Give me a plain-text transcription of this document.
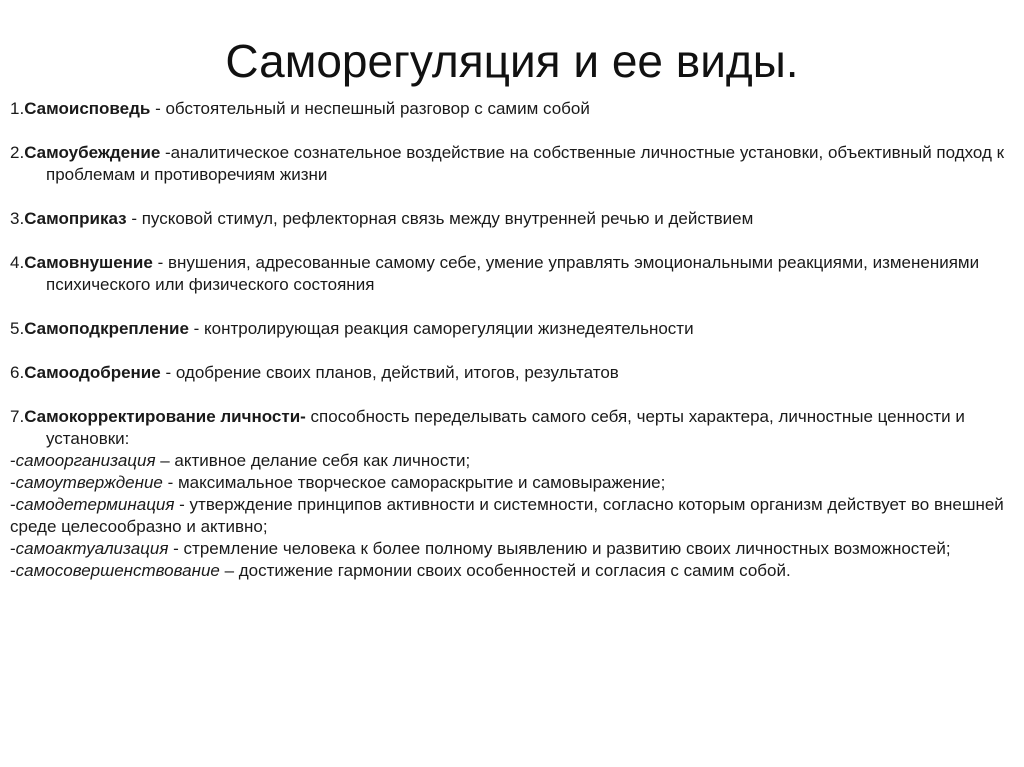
Саморегуляция и ее виды.

1.Самоисповедь - обстоятельный и неспешный разговор с самим собой

2.Самоубеждение -аналитическое сознательное воздействие на собственные личностные установки, объективный подход к проблемам и противоречиям жизни

3.Самоприказ - пусковой стимул, рефлекторная связь между внутренней речью и действием

4.Самовнушение - внушения, адресованные самому себе, умение управлять эмоциональными реакциями, изменениями психического или физического состояния

5.Самоподкрепление - контролирующая реакция саморегуляции жизнедеятельности

6.Самоодобрение - одобрение своих планов, действий, итогов, результатов

7.Самокорректирование личности- способность переделывать самого себя, черты характера, личностные ценности и установки:

-самоорганизация – активное делание себя как личности;

-самоутверждение - максимальное творческое самораскрытие и самовыражение;

-самодетерминация - утверждение принципов активности и системности, согласно которым организм действует во внешней среде целесообразно и активно;

-самоактуализация - стремление человека к более полному выявлению и развитию своих личностных возможностей;

-самосовершенствование – достижение гармонии своих особенностей и согласия с самим собой.
